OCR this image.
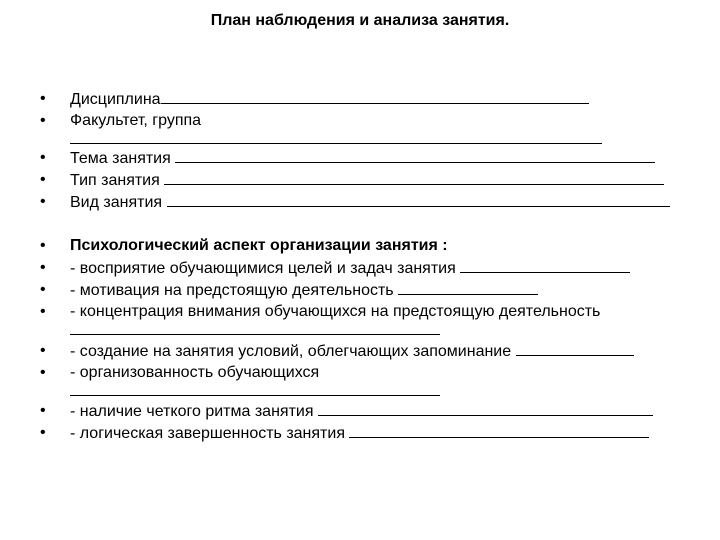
План наблюдения и анализа занятия.

•

Дисциплина

•

Факультет, группа

•

Тема занятия

•

Тип занятия

•

Вид занятия

•

Психологический аспект организации занятия :

•

- восприятие обучающимися целей и задач занятия

•

- мотивация на предстоящую деятельность

•

- концентрация внимания обучающихся на предстоящую деятельность

•

- создание на занятия условий, облегчающих запоминание

•

- организованность обучающихся

•

- наличие четкого ритма занятия

•

- логическая завершенность занятия
